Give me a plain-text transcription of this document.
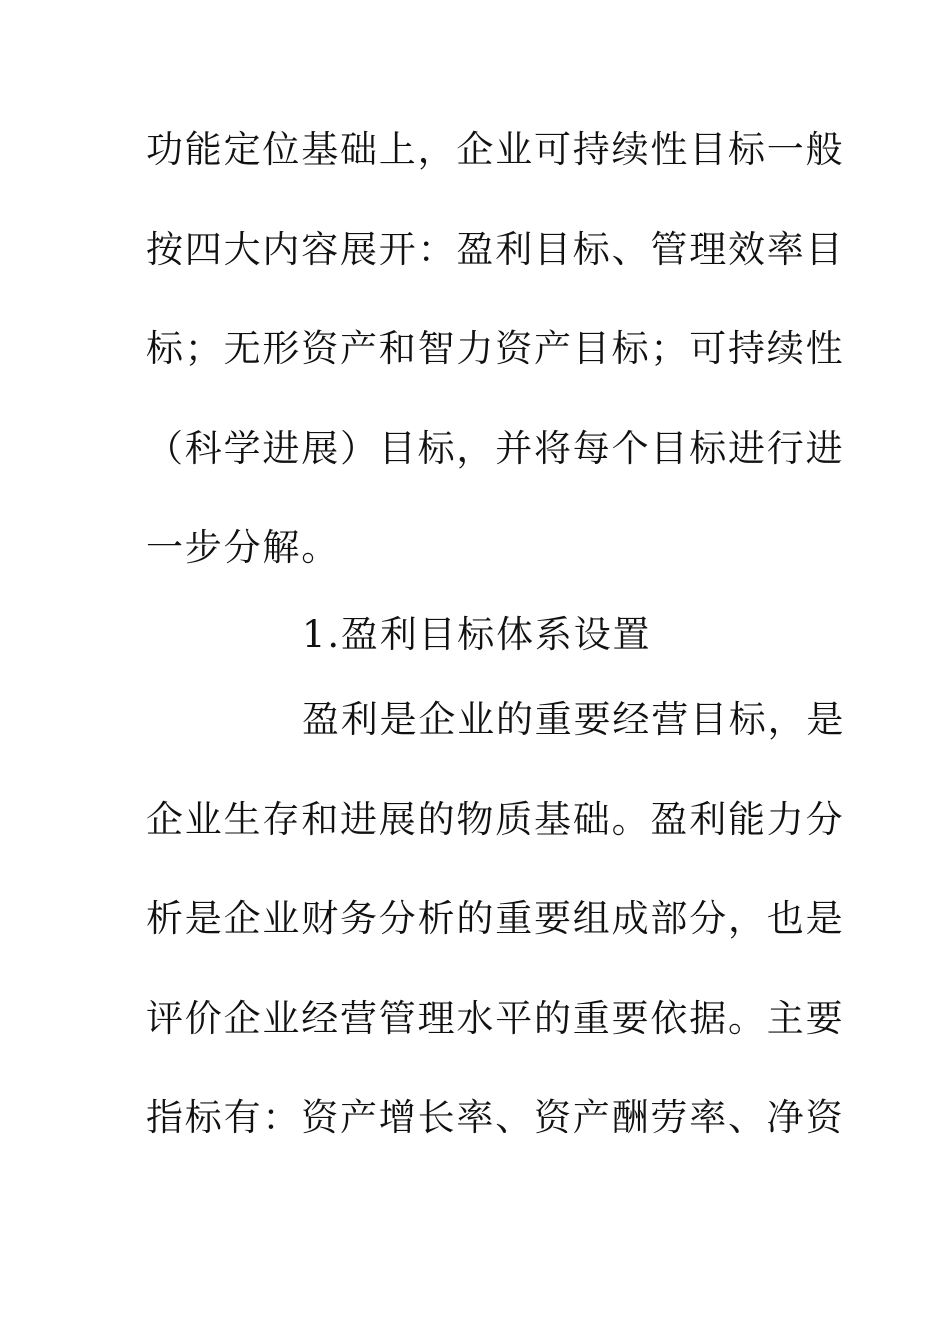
功能定位基础上，企业可持续性目标一般
按四大内容展开：盈利目标、管理效率目
标；无形资产和智力资产目标；可持续性
（科学进展）目标，并将每个目标进行进
一步分解。
1.盈利目标体系设置
盈利是企业的重要经营目标，是
企业生存和进展的物质基础。盈利能力分
析是企业财务分析的重要组成部分，也是
评价企业经营管理水平的重要依据。主要
指标有：资产增长率、资产酬劳率、净资
